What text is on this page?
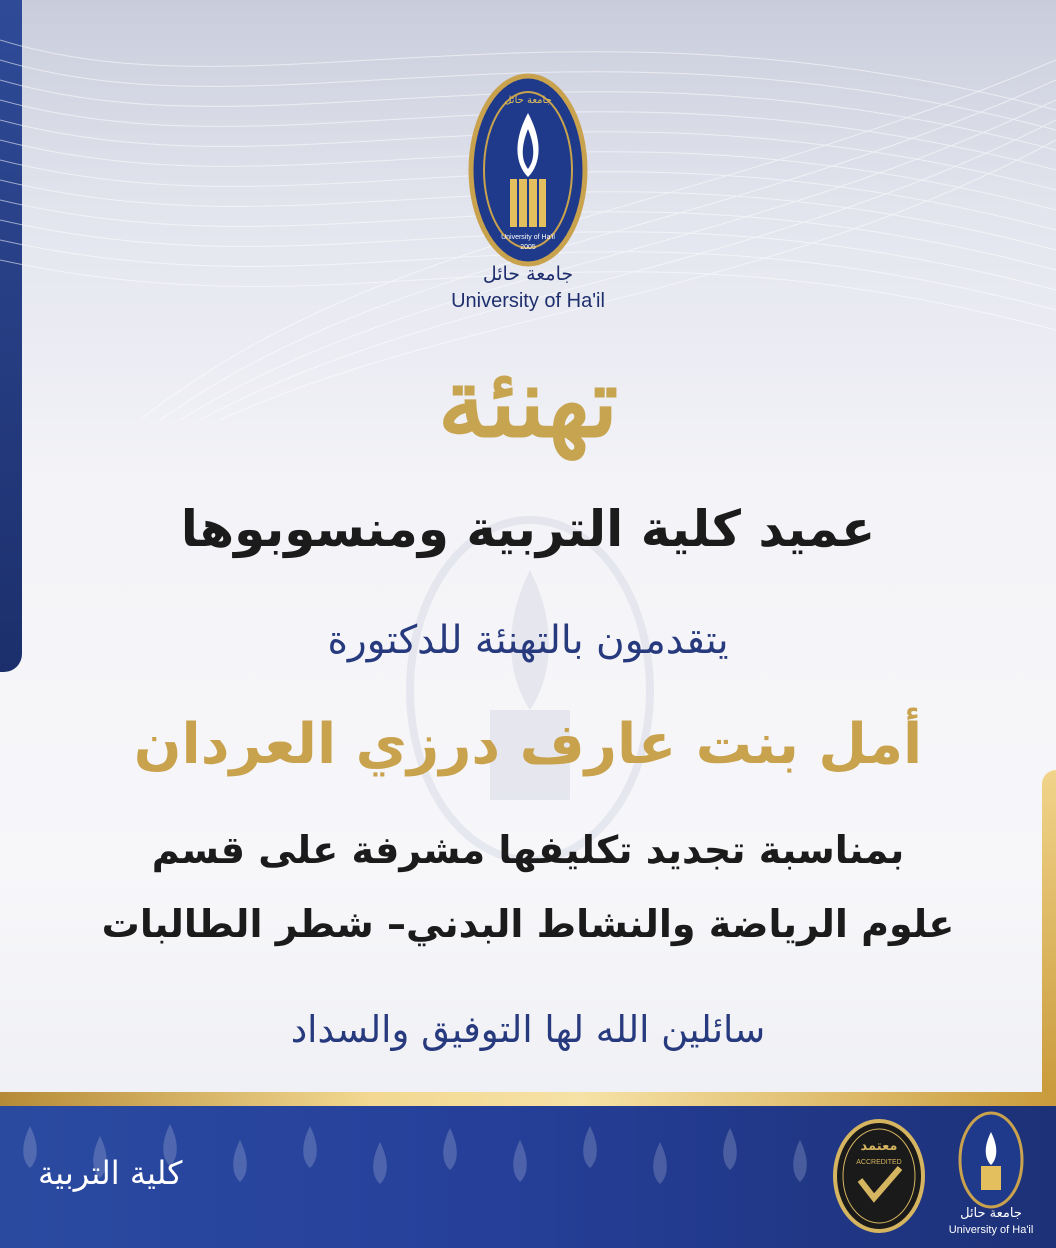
University of Ha'il
2005
جامعة حائل
جامعة حائل
University of Ha'il
تهنئة
عميد كلية التربية ومنسوبوها
يتقدمون بالتهنئة للدكتورة
أمل بنت عارف درزي العردان
بمناسبة تجديد تكليفها مشرفة على قسم
علوم الرياضة والنشاط البدني– شطر الطالبات
سائلين الله لها التوفيق والسداد
كلية التربية
معتمد
ACCREDITED
جامعة حائل
University of Ha'il
